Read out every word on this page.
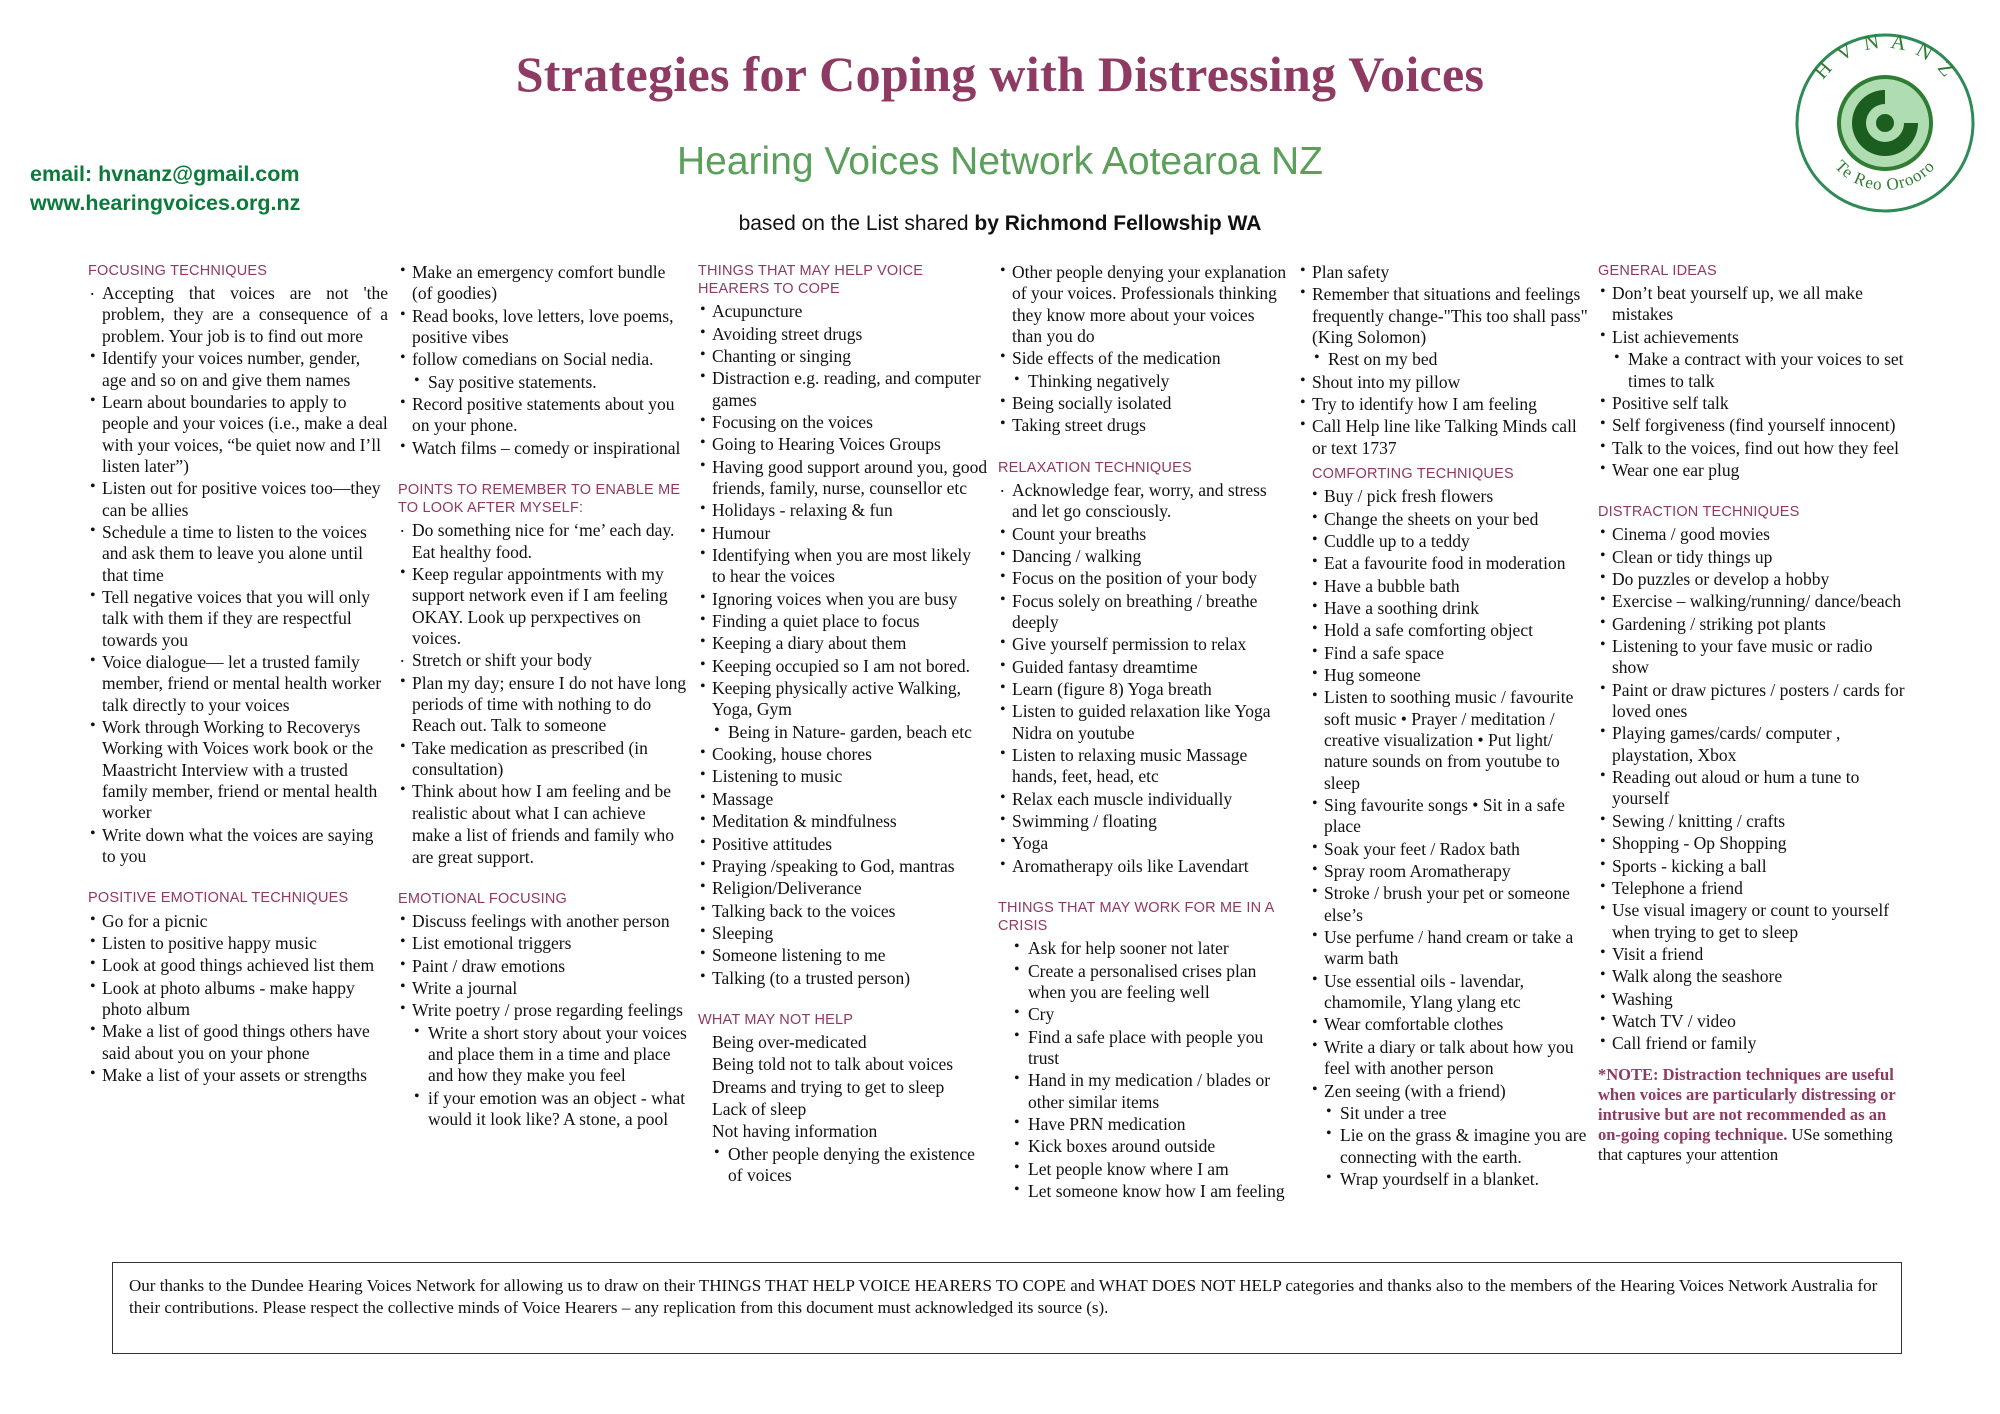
Strategies for Coping with Distressing Voices
Hearing Voices Network Aotearoa NZ
based on the List shared by Richmond Fellowship WA
email: hvnanz@gmail.com
www.hearingvoices.org.nz
H V N A N Z
Te Reo Orooro
FOCUSING TECHNIQUES
. Accepting that voices are not 'the problem, they are a consequence of a problem. Your job is to find out more
• Identify your voices number, gender, age and so on and give them names
• Learn about boundaries to apply to people and your voices (i.e., make a deal with your voices, “be quiet now and I’ll listen later”)
• Listen out for positive voices too—they can be allies
• Schedule a time to listen to the voices and ask them to leave you alone until that time
• Tell negative voices that you will only talk with them if they are respectful towards you
• Voice dialogue— let a trusted family member, friend or mental health worker talk directly to your voices
• Work through Working to Recoverys Working with Voices work book or the Maastricht Interview with a trusted family member, friend or mental health worker
• Write down what the voices are saying to you
POSITIVE EMOTIONAL TECHNIQUES
• Go for a picnic
• Listen to positive happy music
• Look at good things achieved list them
• Look at photo albums - make happy photo album
• Make a list of good things others have said about you on your phone
• Make a list of your assets or strengths
• Make an emergency comfort bundle (of goodies)
• Read books, love letters, love poems, positive vibes
• follow comedians on Social nedia.
• Say positive statements.
• Record positive statements about you on your phone.
• Watch films – comedy or inspirational
POINTS TO REMEMBER TO ENABLE ME TO LOOK AFTER MYSELF:
. Do something nice for ‘me’ each day. Eat healthy food.
• Keep regular appointments with my support network even if I am feeling OKAY. Look up perxpectives on voices.
. Stretch or shift your body
• Plan my day; ensure I do not have long periods of time with nothing to do Reach out. Talk to someone
• Take medication as prescribed (in consultation)
• Think about how I am feeling and be realistic about what I can achieve
make a list of friends and family who are great support.
EMOTIONAL FOCUSING
• Discuss feelings with another person
• List emotional triggers
• Paint / draw emotions
• Write a journal
• Write poetry / prose regarding feelings
• Write a short story about your voices and place them in a time and place and how they make you feel
• if your emotion was an object - what would it look like? A stone, a pool
THINGS THAT MAY HELP VOICE HEARERS TO COPE
• Acupuncture
• Avoiding street drugs
• Chanting or singing
• Distraction e.g. reading, and computer games
• Focusing on the voices
• Going to Hearing Voices Groups
• Having good support around you, good friends, family, nurse, counsellor etc
• Holidays - relaxing & fun
• Humour
• Identifying when you are most likely to hear the voices
• Ignoring voices when you are busy
• Finding a quiet place to focus
• Keeping a diary about them
• Keeping occupied so I am not bored.
• Keeping physically active Walking, Yoga, Gym
• Being in Nature- garden, beach etc
• Cooking, house chores
• Listening to music
• Massage
• Meditation & mindfulness
• Positive attitudes
• Praying /speaking to God, mantras
• Religion/Deliverance
• Talking back to the voices
• Sleeping
• Someone listening to me
• Talking (to a trusted person)
WHAT MAY NOT HELP
Being over-medicated
Being told not to talk about voices
Dreams and trying to get to sleep
Lack of sleep
Not having information
• Other people denying the existence of voices
• Other people denying your explanation of your voices. Professionals thinking they know more about your voices than you do
• Side effects of the medication
• Thinking negatively
• Being socially isolated
• Taking street drugs
RELAXATION TECHNIQUES
. Acknowledge fear, worry, and stress and let go consciously.
• Count your breaths
• Dancing / walking
• Focus on the position of your body
• Focus solely on breathing / breathe deeply
• Give yourself permission to relax
• Guided fantasy dreamtime
• Learn (figure 8) Yoga breath
• Listen to guided relaxation like Yoga Nidra on youtube
• Listen to relaxing music Massage hands, feet, head, etc
• Relax each muscle individually
• Swimming / floating
• Yoga
• Aromatherapy oils like Lavendart
THINGS THAT MAY WORK FOR ME IN A CRISIS
• Ask for help sooner not later
• Create a personalised crises plan when you are feeling well
• Cry
• Find a safe place with people you trust
• Hand in my medication / blades or other similar items
• Have PRN medication
• Kick boxes around outside
• Let people know where I am
• Let someone know how I am feeling
• Plan safety
• Remember that situations and feelings frequently change-"This too shall pass" (King Solomon)
• Rest on my bed
• Shout into my pillow
• Try to identify how I am feeling
• Call Help line like Talking Minds call or text 1737
COMFORTING TECHNIQUES
• Buy / pick fresh flowers
• Change the sheets on your bed
• Cuddle up to a teddy
• Eat a favourite food in moderation
• Have a bubble bath
• Have a soothing drink
• Hold a safe comforting object
• Find a safe space
• Hug someone
• Listen to soothing music / favourite soft music • Prayer / meditation / creative visualization • Put light/ nature sounds on from youtube to sleep
• Sing favourite songs • Sit in a safe place
• Soak your feet / Radox bath
• Spray room Aromatherapy
• Stroke / brush your pet or someone else’s
• Use perfume / hand cream or take a warm bath
• Use essential oils - lavendar, chamomile, Ylang ylang etc
• Wear comfortable clothes
• Write a diary or talk about how you feel with another person
• Zen seeing (with a friend)
• Sit under a tree
• Lie on the grass & imagine you are connecting with the earth.
• Wrap yourdself in a blanket.
GENERAL IDEAS
• Don’t beat yourself up, we all make mistakes
• List achievements
• Make a contract with your voices to set times to talk
• Positive self talk
• Self forgiveness (find yourself innocent)
• Talk to the voices, find out how they feel
• Wear one ear plug
DISTRACTION TECHNIQUES
• Cinema / good movies
• Clean or tidy things up
• Do puzzles or develop a hobby
• Exercise – walking/running/ dance/beach
• Gardening / striking pot plants
• Listening to your fave music or radio show
• Paint or draw pictures / posters / cards for loved ones
• Playing games/cards/ computer , playstation, Xbox
• Reading out aloud or hum a tune to yourself
• Sewing / knitting / crafts
• Shopping - Op Shopping
• Sports - kicking a ball
• Telephone a friend
• Use visual imagery or count to yourself when trying to get to sleep
• Visit a friend
• Walk along the seashore
• Washing
• Watch TV / video
• Call friend or family
*NOTE: Distraction techniques are useful when voices are particularly distressing or intrusive but are not recommended as an on-going coping technique. USe something that captures your attention
Our thanks to the Dundee Hearing Voices Network for allowing us to draw on their THINGS THAT HELP VOICE HEARERS TO COPE and WHAT DOES NOT HELP categories and thanks also to the members of the Hearing Voices Network Australia for their contributions. Please respect the collective minds of Voice Hearers – any replication from this document must acknowledged its source (s).
